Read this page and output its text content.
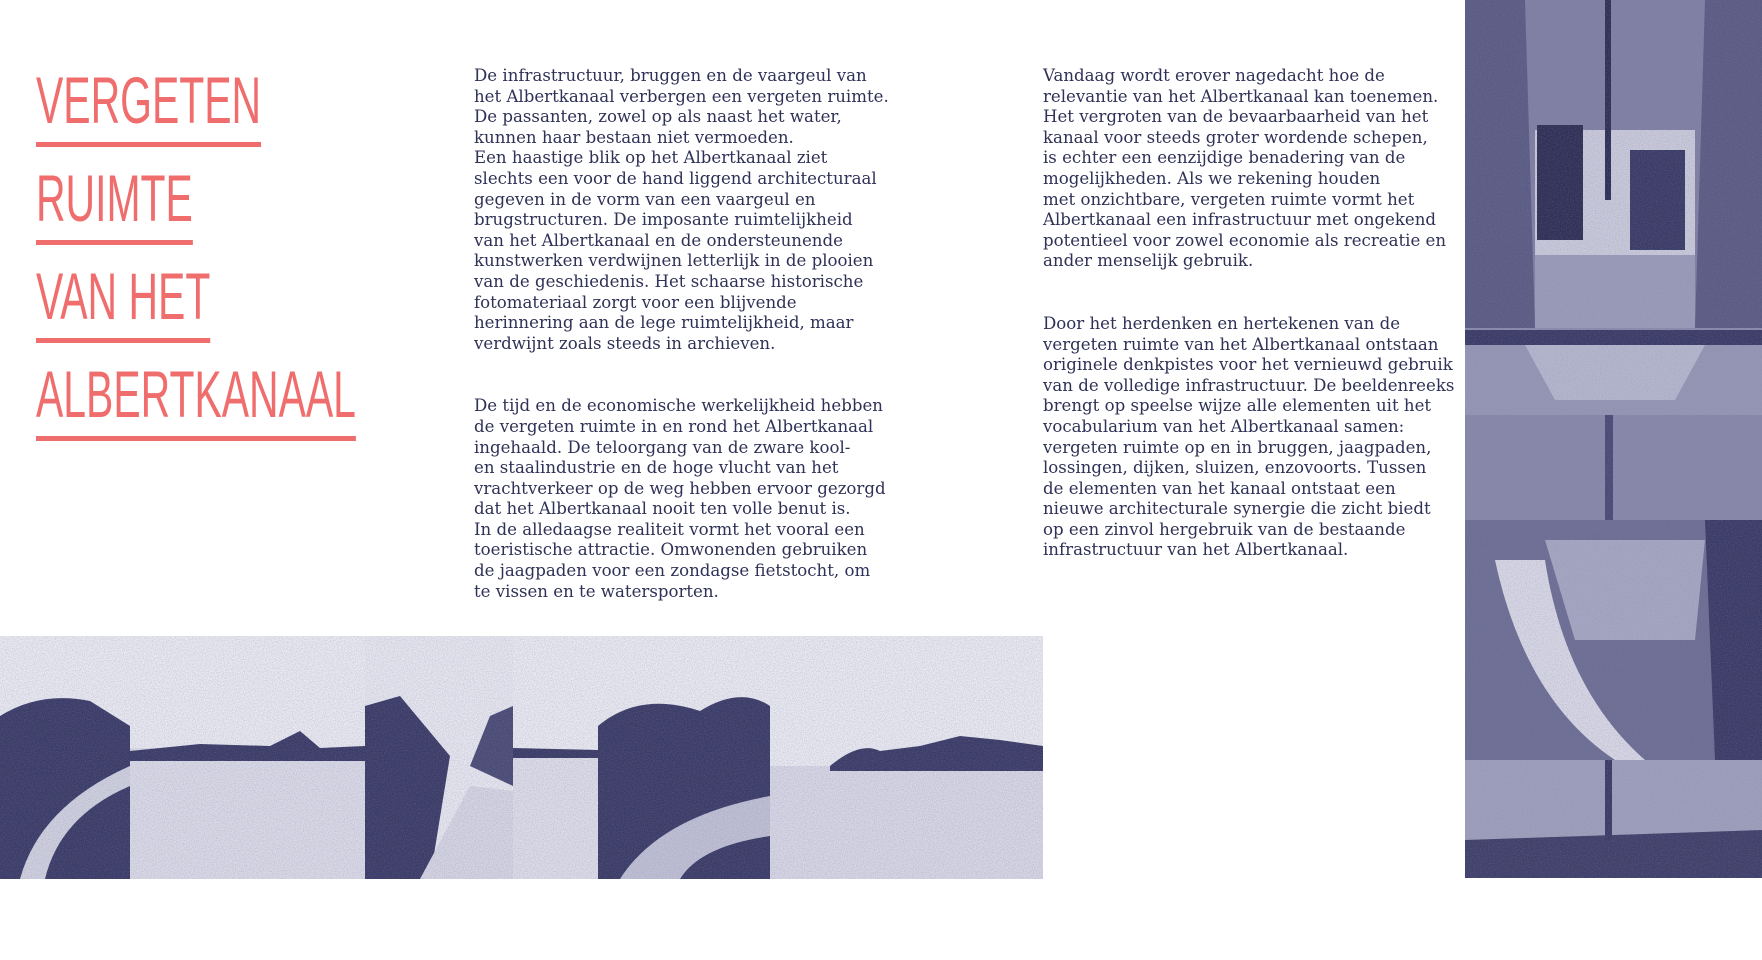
VERGETEN
RUIMTE
VAN HET
ALBERTKANAAL

De infrastructuur, bruggen en de vaargeul van
het Albertkanaal verbergen een vergeten ruimte.
De passanten, zowel op als naast het water,
kunnen haar bestaan niet vermoeden.
Een haastige blik op het Albertkanaal ziet
slechts een voor de hand liggend architecturaal
gegeven in de vorm van een vaargeul en
brugstructuren. De imposante ruimtelijkheid
van het Albertkanaal en de ondersteunende
kunstwerken verdwijnen letterlijk in de plooien
van de geschiedenis. Het schaarse historische
fotomateriaal zorgt voor een blijvende
herinnering aan de lege ruimtelijkheid, maar
verdwijnt zoals steeds in archieven.

De tijd en de economische werkelijkheid hebben
de vergeten ruimte in en rond het Albertkanaal
ingehaald. De teloorgang van de zware kool-
en staalindustrie en de hoge vlucht van het
vrachtverkeer op de weg hebben ervoor gezorgd
dat het Albertkanaal nooit ten volle benut is.
In de alledaagse realiteit vormt het vooral een
toeristische attractie. Omwonenden gebruiken
de jaagpaden voor een zondagse fietstocht, om
te vissen en te watersporten.

Vandaag wordt erover nagedacht hoe de
relevantie van het Albertkanaal kan toenemen.
Het vergroten van de bevaarbaarheid van het
kanaal voor steeds groter wordende schepen,
is echter een eenzijdige benadering van de
mogelijkheden. Als we rekening houden
met onzichtbare, vergeten ruimte vormt het
Albertkanaal een infrastructuur met ongekend
potentieel voor zowel economie als recreatie en
ander menselijk gebruik.

Door het herdenken en hertekenen van de
vergeten ruimte van het Albertkanaal ontstaan
originele denkpistes voor het vernieuwd gebruik
van de volledige infrastructuur. De beeldenreeks
brengt op speelse wijze alle elementen uit het
vocabularium van het Albertkanaal samen:
vergeten ruimte op en in bruggen, jaagpaden,
lossingen, dijken, sluizen, enzovoorts. Tussen
de elementen van het kanaal ontstaat een
nieuwe architecturale synergie die zicht biedt
op een zinvol hergebruik van de bestaande
infrastructuur van het Albertkanaal.
